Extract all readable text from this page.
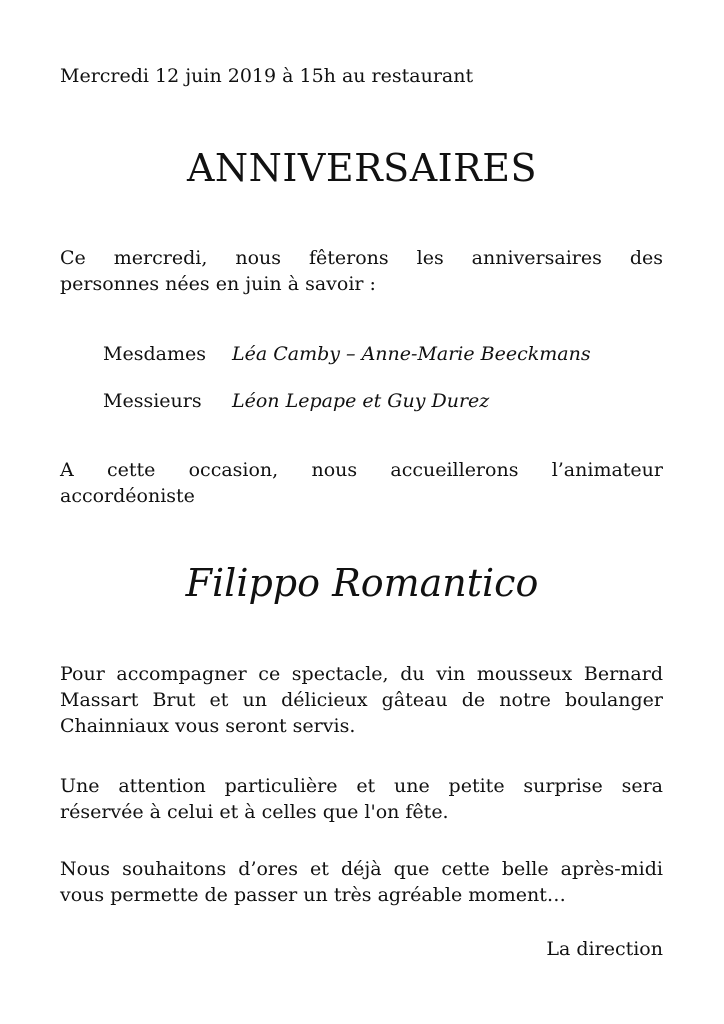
Mercredi 12 juin 2019 à 15h au restaurant
ANNIVERSAIRES
Ce mercredi, nous fêterons les anniversaires des
personnes nées en juin à savoir :
Mesdames Léa Camby – Anne-Marie Beeckmans
Messieurs Léon Lepape et Guy Durez
A cette occasion, nous accueillerons l’animateur
accordéoniste
Filippo Romantico
Pour accompagner ce spectacle, du vin mousseux Bernard
Massart Brut et un délicieux gâteau de notre boulanger
Chainniaux vous seront servis.
Une attention particulière et une petite surprise sera
réservée à celui et à celles que l'on fête.
Nous souhaitons d’ores et déjà que cette belle après-midi
vous permette de passer un très agréable moment…
La direction
